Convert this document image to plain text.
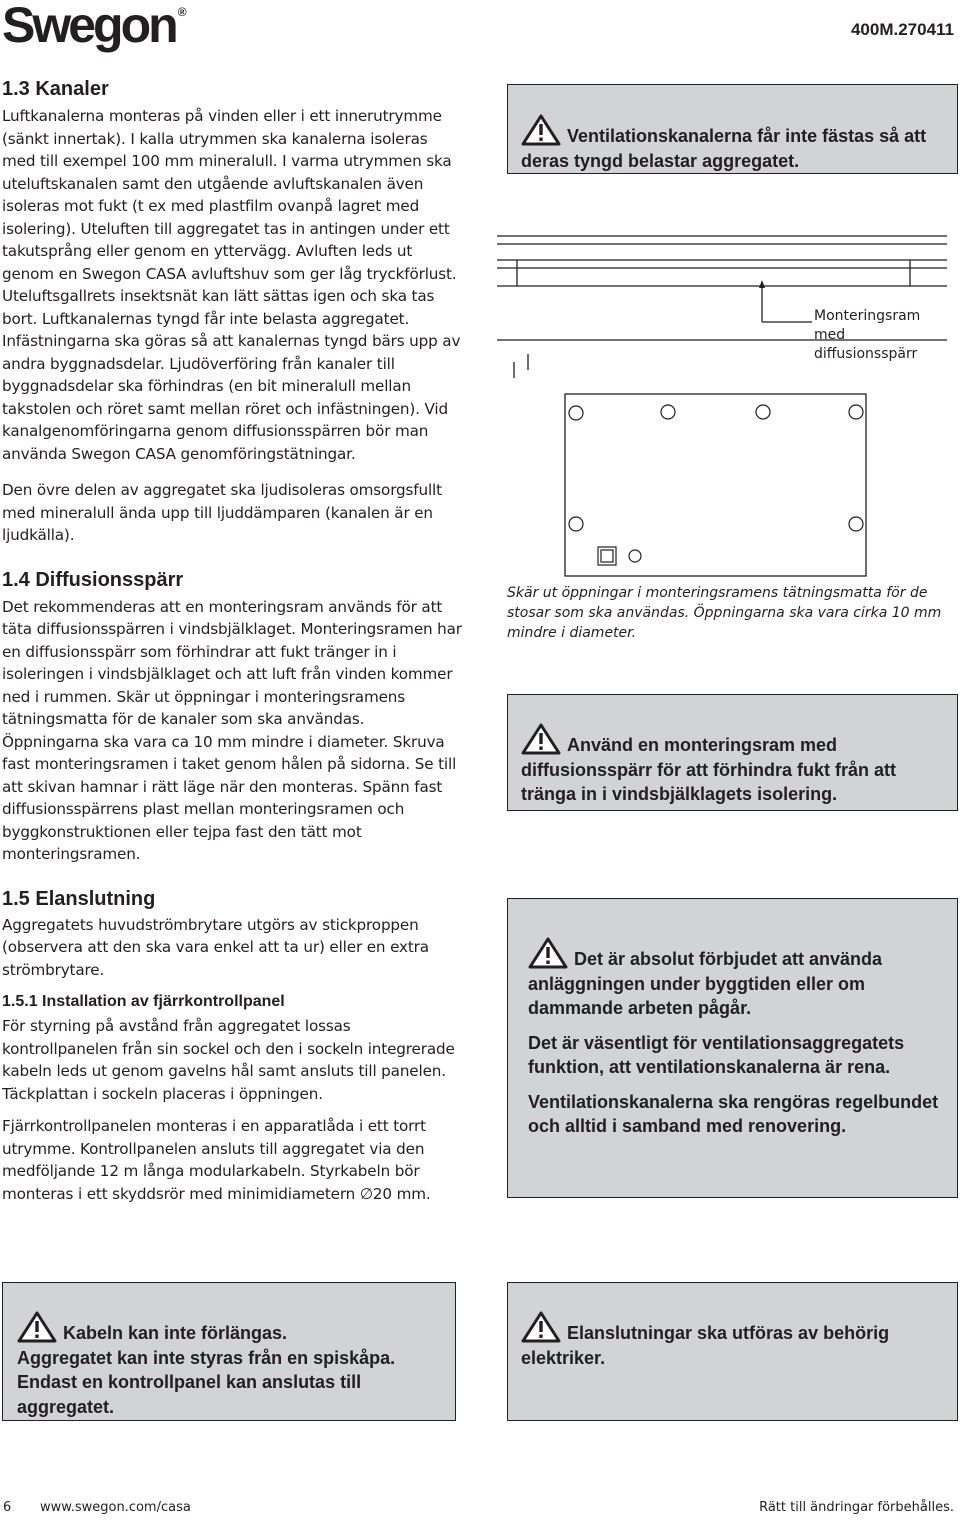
Swegon ®
400M.270411
1.3 Kanaler

Luftkanalerna monteras på vinden eller i ett innerutrymme (sänkt innertak). I kalla utrymmen ska kanalerna isoleras med till exempel 100 mm mineralull. I varma utrymmen ska uteluftskanalen samt den utgående avluftskanalen även isoleras mot fukt (t ex med plastfilm ovanpå lagret med isolering). Uteluften till aggregatet tas in antingen under ett takutsprång eller genom en yttervägg. Avluften leds ut genom en Swegon CASA avluftshuv som ger låg tryckförlust. Uteluftsgallrets insektsnät kan lätt sättas igen och ska tas bort. Luftkanalernas tyngd får inte belasta aggregatet. Infästningarna ska göras så att kanalernas tyngd bärs upp av andra byggnadsdelar. Ljudöverföring från kanaler till byggnadsdelar ska förhindras (en bit mineralull mellan takstolen och röret samt mellan röret och infästningen). Vid kanalgenomföringarna genom diffusionsspärren bör man använda Swegon CASA genomföringstätningar.

Den övre delen av aggregatet ska ljudisoleras omsorgsfullt med mineralull ända upp till ljuddämparen (kanalen är en ljudkälla).

1.4 Diffusionsspärr

Det rekommenderas att en monteringsram används för att täta diffusionsspärren i vindsbjälklaget. Monteringsramen har en diffusionsspärr som förhindrar att fukt tränger in i isoleringen i vindsbjälklaget och att luft från vinden kommer ned i rummen. Skär ut öppningar i monteringsramens tätningsmatta för de kanaler som ska användas. Öppningarna ska vara ca 10 mm mindre i diameter. Skruva fast monteringsramen i taket genom hålen på sidorna. Se till att skivan hamnar i rätt läge när den monteras. Spänn fast diffusionsspärrens plast mellan monteringsramen och byggkonstruktionen eller tejpa fast den tätt mot monteringsramen.

1.5 Elanslutning

Aggregatets huvudströmbrytare utgörs av stickproppen (observera att den ska vara enkel att ta ur) eller en extra strömbrytare.

1.5.1 Installation av fjärrkontrollpanel

För styrning på avstånd från aggregatet lossas kontrollpanelen från sin sockel och den i sockeln integrerade kabeln leds ut genom gavelns hål samt ansluts till panelen. Täckplattan i sockeln placeras i öppningen.

Fjärrkontrollpanelen monteras i en apparatlåda i ett torrt utrymme. Kontrollpanelen ansluts till aggregatet via den medföljande 12 m långa modularkabeln. Styrkabeln bör monteras i ett skyddsrör med minimidiametern ∅20 mm.

Ventilationskanalerna får inte fästas så att deras tyngd belastar aggregatet.
Monteringsram med diffusionsspärr
Skär ut öppningar i monteringsramens tätningsmatta för de stosar som ska användas. Öppningarna ska vara cirka 10 mm mindre i diameter.
Använd en monteringsram med diffusionsspärr för att förhindra fukt från att tränga in i vindsbjälklagets isolering.
Det är absolut förbjudet att använda anläggningen under byggtiden eller om dammande arbeten pågår.
Det är väsentligt för ventilationsaggregatets funktion, att ventilationskanalerna är rena.
Ventilationskanalerna ska rengöras regelbundet och alltid i samband med renovering.
Kabeln kan inte förlängas.
Aggregatet kan inte styras från en spiskåpa. Endast en kontrollpanel kan anslutas till aggregatet.
Elanslutningar ska utföras av behörig elektriker.
6 www.swegon.com/casa	Rätt till ändringar förbehålles.
